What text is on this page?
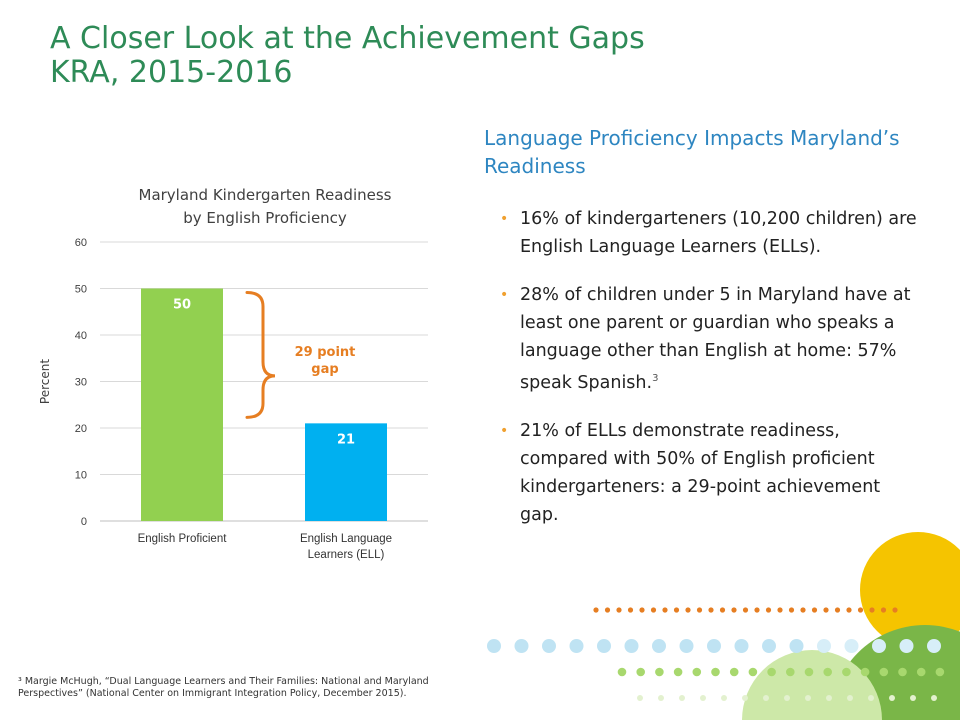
A Closer Look at the Achievement Gaps
KRA, 2015-2016
Maryland Kindergarten Readiness
by English Proficiency
0
10
20
30
40
50
60
Percent
50
English Proficient
21
English Language
Learners (ELL)
29 point
gap
Language Proficiency Impacts Maryland’s Readiness
• 16% of kindergarteners (10,200 children) are English Language Learners (ELLs).
• 28% of children under 5 in Maryland have at least one parent or guardian who speaks a language other than English at home: 57% speak Spanish.$^3$
• 21% of ELLs demonstrate readiness, compared with 50% of English proficient kindergarteners: a 29-point achievement gap.
³ Margie McHugh, “Dual Language Learners and Their Families: National and Maryland Perspectives” (National Center on Immigrant Integration Policy, December 2015).
